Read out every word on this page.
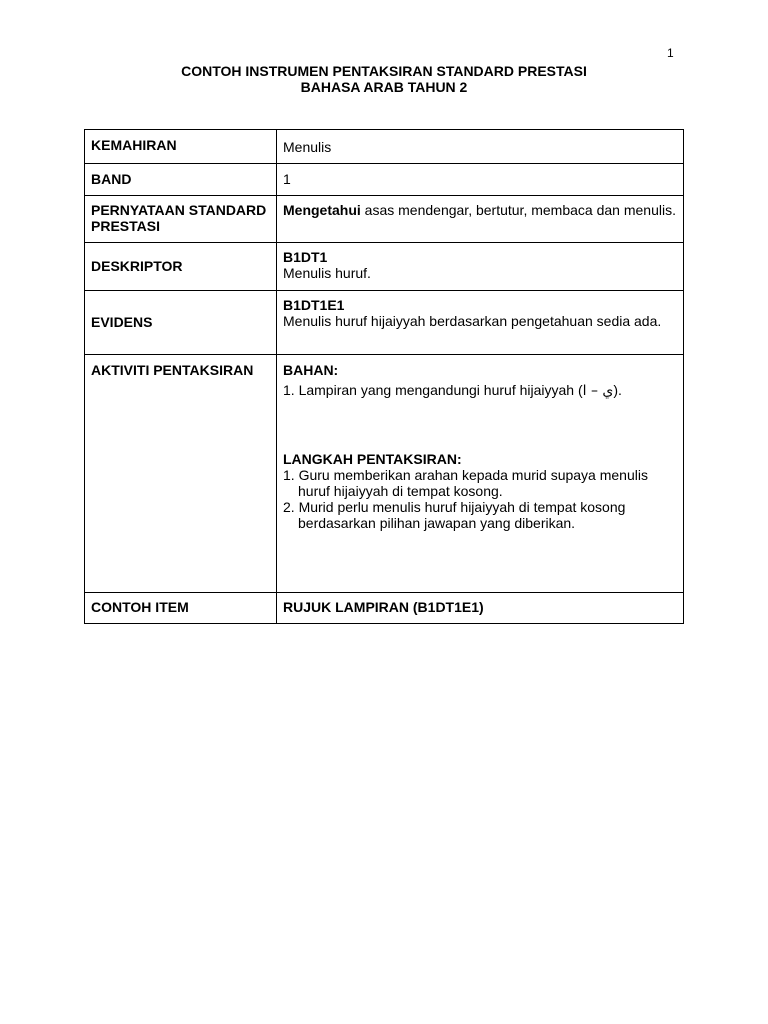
1
CONTOH INSTRUMEN PENTAKSIRAN STANDARD PRESTASI
BAHASA ARAB TAHUN 2
KEMAHIRAN	Menulis
BAND	1
PERNYATAAN STANDARD PRESTASI	Mengetahui asas mendengar, bertutur, membaca dan menulis.
DESKRIPTOR	B1DT1
Menulis huruf.

EVIDENS	B1DT1E1
Menulis huruf hijaiyyah berdasarkan pengetahuan sedia ada.

AKTIVITI PENTAKSIRAN	BAHAN:
1. Lampiran yang mengandungi huruf hijaiyyah (ي – ا).
LANGKAH PENTAKSIRAN:
1. Guru memberikan arahan kepada murid supaya menulis huruf hijaiyyah di tempat kosong.
2. Murid perlu menulis huruf hijaiyyah di tempat kosong berdasarkan pilihan jawapan yang diberikan.

CONTOH ITEM	RUJUK LAMPIRAN (B1DT1E1)
